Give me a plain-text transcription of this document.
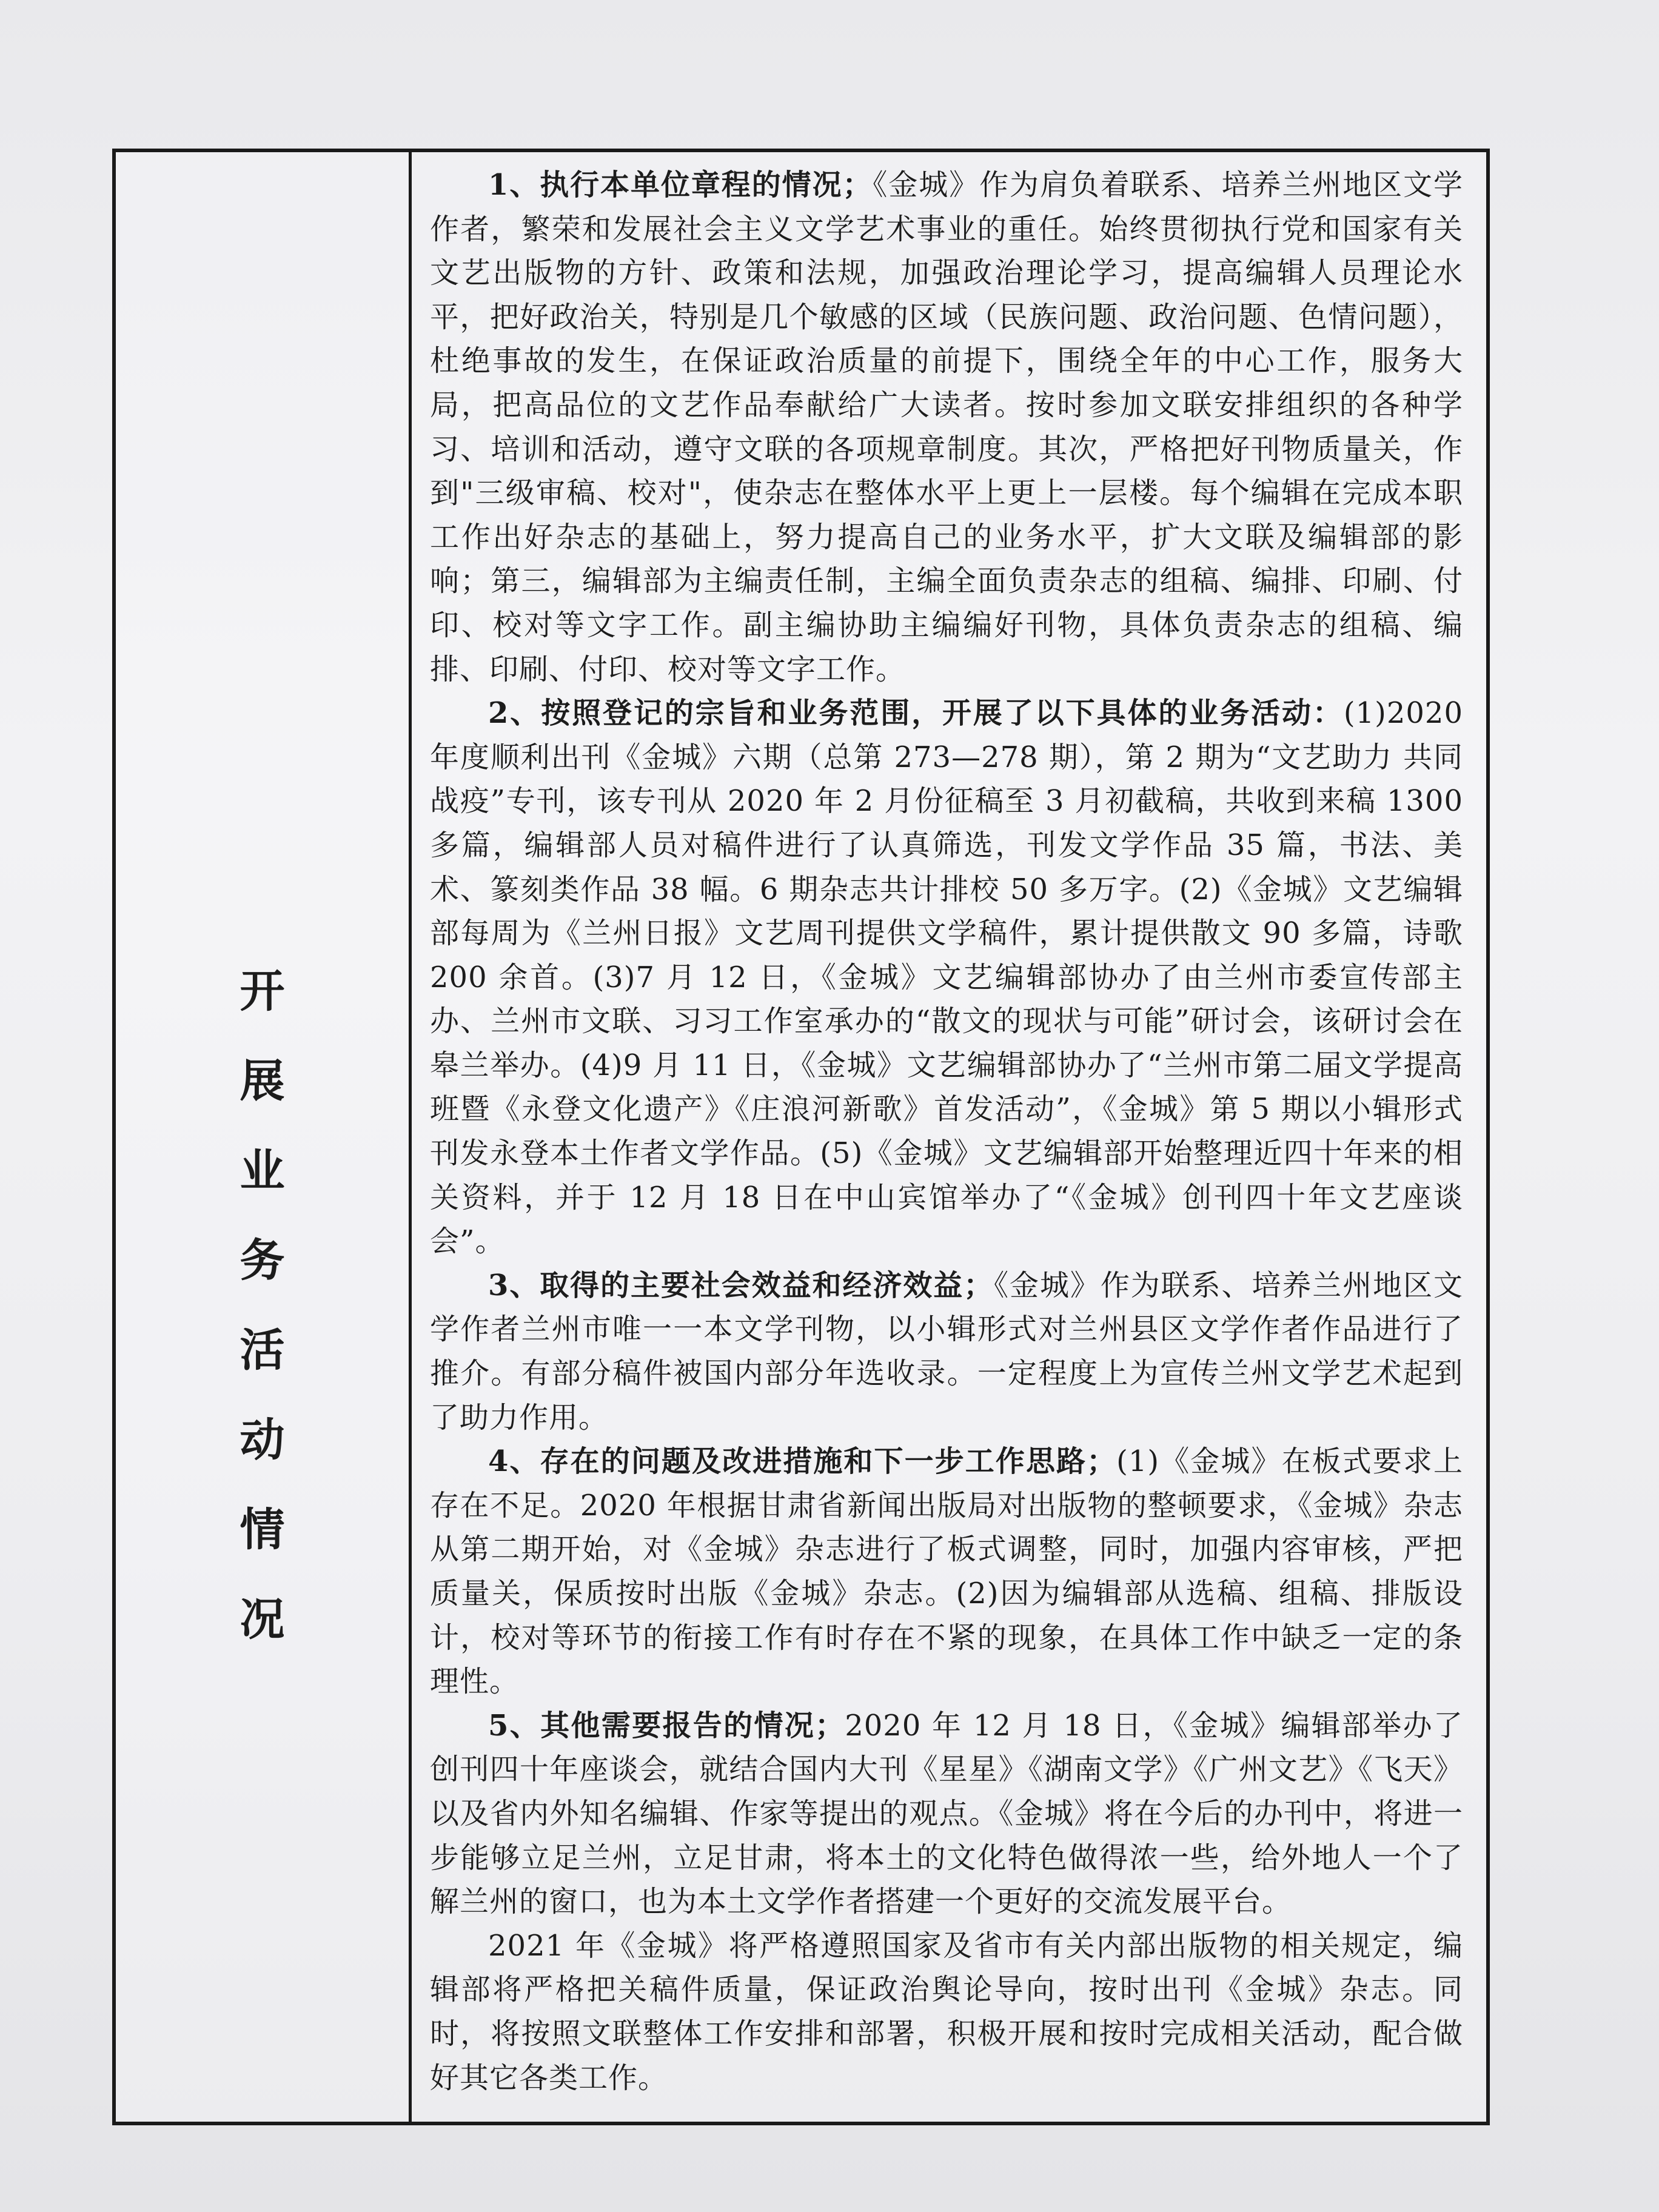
开
展
业
务
活
动
情
况

1、执行本单位章程的情况；《金城》作为肩负着联系、培养兰州地区文学作者，繁荣和发展社会主义文学艺术事业的重任。始终贯彻执行党和国家有关文艺出版物的方针、政策和法规，加强政治理论学习，提高编辑人员理论水平，把好政治关，特别是几个敏感的区域（民族问题、政治问题、色情问题），杜绝事故的发生，在保证政治质量的前提下，围绕全年的中心工作，服务大局，把高品位的文艺作品奉献给广大读者。按时参加文联安排组织的各种学习、培训和活动，遵守文联的各项规章制度。其次，严格把好刊物质量关，作到"三级审稿、校对"，使杂志在整体水平上更上一层楼。每个编辑在完成本职工作出好杂志的基础上，努力提高自己的业务水平，扩大文联及编辑部的影响；第三，编辑部为主编责任制，主编全面负责杂志的组稿、编排、印刷、付印、校对等文字工作。副主编协助主编编好刊物，具体负责杂志的组稿、编排、印刷、付印、校对等文字工作。

2、按照登记的宗旨和业务范围，开展了以下具体的业务活动：(1)2020 年度顺利出刊《金城》六期（总第 273—278 期），第 2 期为“文艺助力 共同战疫”专刊，该专刊从 2020 年 2 月份征稿至 3 月初截稿，共收到来稿 1300 多篇，编辑部人员对稿件进行了认真筛选，刊发文学作品 35 篇，书法、美术、篆刻类作品 38 幅。6 期杂志共计排校 50 多万字。(2)《金城》文艺编辑部每周为《兰州日报》文艺周刊提供文学稿件，累计提供散文 90 多篇，诗歌 200 余首。(3)7 月 12 日，《金城》文艺编辑部协办了由兰州市委宣传部主办、兰州市文联、习习工作室承办的“散文的现状与可能”研讨会，该研讨会在皋兰举办。(4)9 月 11 日，《金城》文艺编辑部协办了“兰州市第二届文学提高班暨《永登文化遗产》《庄浪河新歌》首发活动”，《金城》第 5 期以小辑形式刊发永登本土作者文学作品。(5)《金城》文艺编辑部开始整理近四十年来的相关资料，并于 12 月 18 日在中山宾馆举办了“《金城》创刊四十年文艺座谈会”。

3、取得的主要社会效益和经济效益；《金城》作为联系、培养兰州地区文学作者兰州市唯一一本文学刊物，以小辑形式对兰州县区文学作者作品进行了推介。有部分稿件被国内部分年选收录。一定程度上为宣传兰州文学艺术起到了助力作用。

4、存在的问题及改进措施和下一步工作思路；(1)《金城》在板式要求上存在不足。2020 年根据甘肃省新闻出版局对出版物的整顿要求，《金城》杂志从第二期开始，对《金城》杂志进行了板式调整，同时，加强内容审核，严把质量关，保质按时出版《金城》杂志。(2)因为编辑部从选稿、组稿、排版设计，校对等环节的衔接工作有时存在不紧的现象，在具体工作中缺乏一定的条理性。

5、其他需要报告的情况；2020 年 12 月 18 日，《金城》编辑部举办了创刊四十年座谈会，就结合国内大刊《星星》《湖南文学》《广州文艺》《飞天》以及省内外知名编辑、作家等提出的观点。《金城》将在今后的办刊中，将进一步能够立足兰州，立足甘肃，将本土的文化特色做得浓一些，给外地人一个了解兰州的窗口，也为本土文学作者搭建一个更好的交流发展平台。

2021 年《金城》将严格遵照国家及省市有关内部出版物的相关规定，编辑部将严格把关稿件质量，保证政治舆论导向，按时出刊《金城》杂志。同时，将按照文联整体工作安排和部署，积极开展和按时完成相关活动，配合做好其它各类工作。
